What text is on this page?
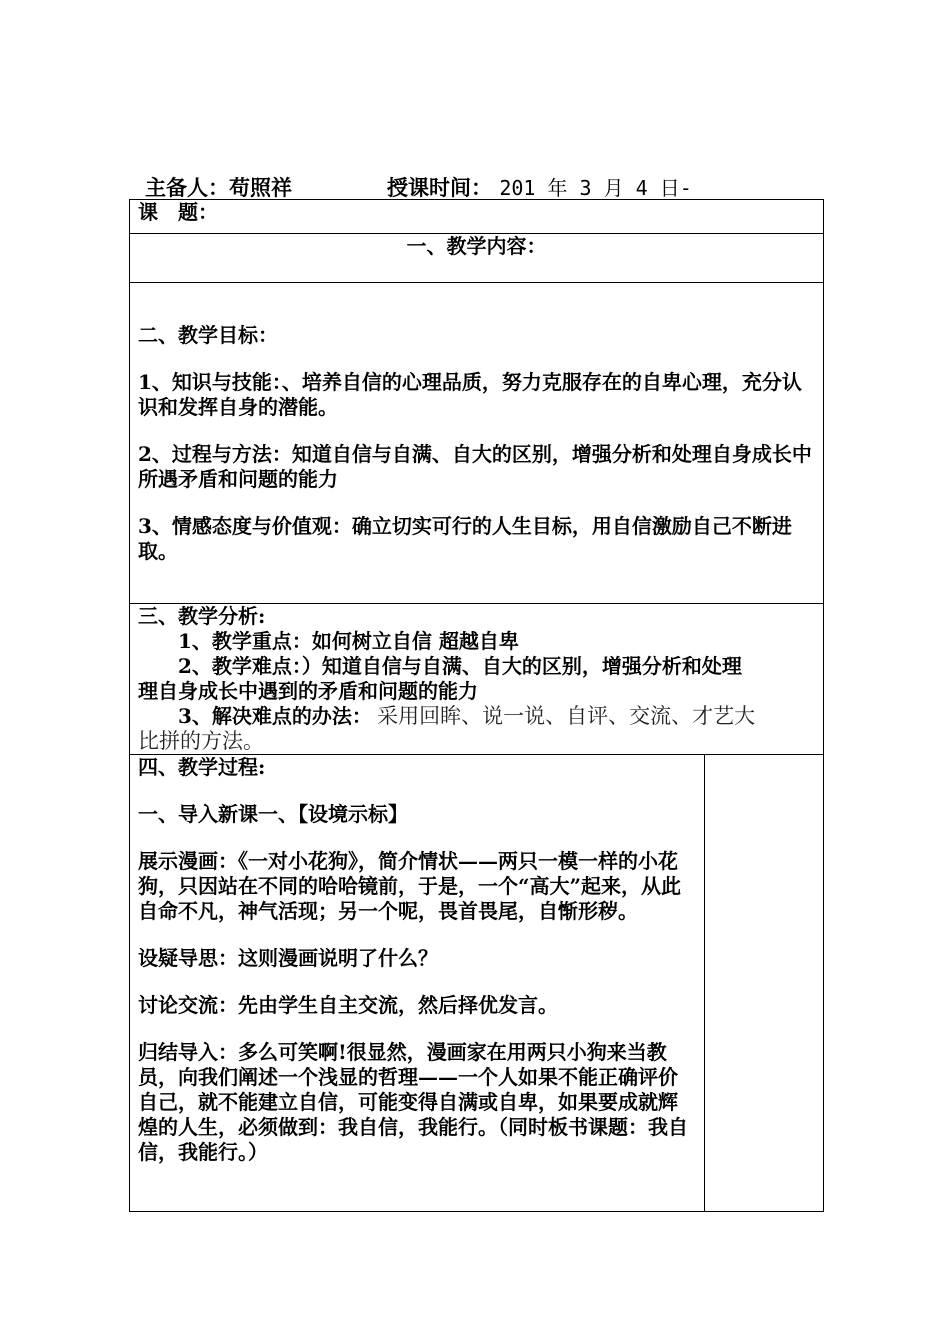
主备人：苟照祥	授课时间： 201 年 3 月 4 日-
课　题：
一、教学内容：

二、教学目标：

1、知识与技能：、培养自信的心理品质，努力克服存在的自卑心理，充分认识和发挥自身的潜能。

2、过程与方法：知道自信与自满、自大的区别，增强分析和处理自身成长中所遇矛盾和问题的能力

3、情感态度与价值观：确立切实可行的人生目标，用自信激励自己不断进取。

三、教学分析:

1、教学重点：如何树立自信 超越自卑

2、教学难点：）知道自信与自满、自大的区别，增强分析和处理

理自身成长中遇到的矛盾和问题的能力

3、解决难点的办法： 采用回眸、说一说、自评、交流、才艺大

比拼的方法。

四、教学过程:

一、导入新课一、【设境示标】

展示漫画：《一对小花狗》，简介情状——两只一模一样的小花狗，只因站在不同的哈哈镜前，于是，一个“高大”起来，从此自命不凡，神气活现；另一个呢，畏首畏尾，自惭形秽。

设疑导思：这则漫画说明了什么？

讨论交流：先由学生自主交流，然后择优发言。

归结导入：多么可笑啊!很显然，漫画家在用两只小狗来当教员，向我们阐述一个浅显的哲理——一个人如果不能正确评价自己，就不能建立自信，可能变得自满或自卑，如果要成就辉煌的人生，必须做到：我自信，我能行。（同时板书课题：我自信，我能行。）
